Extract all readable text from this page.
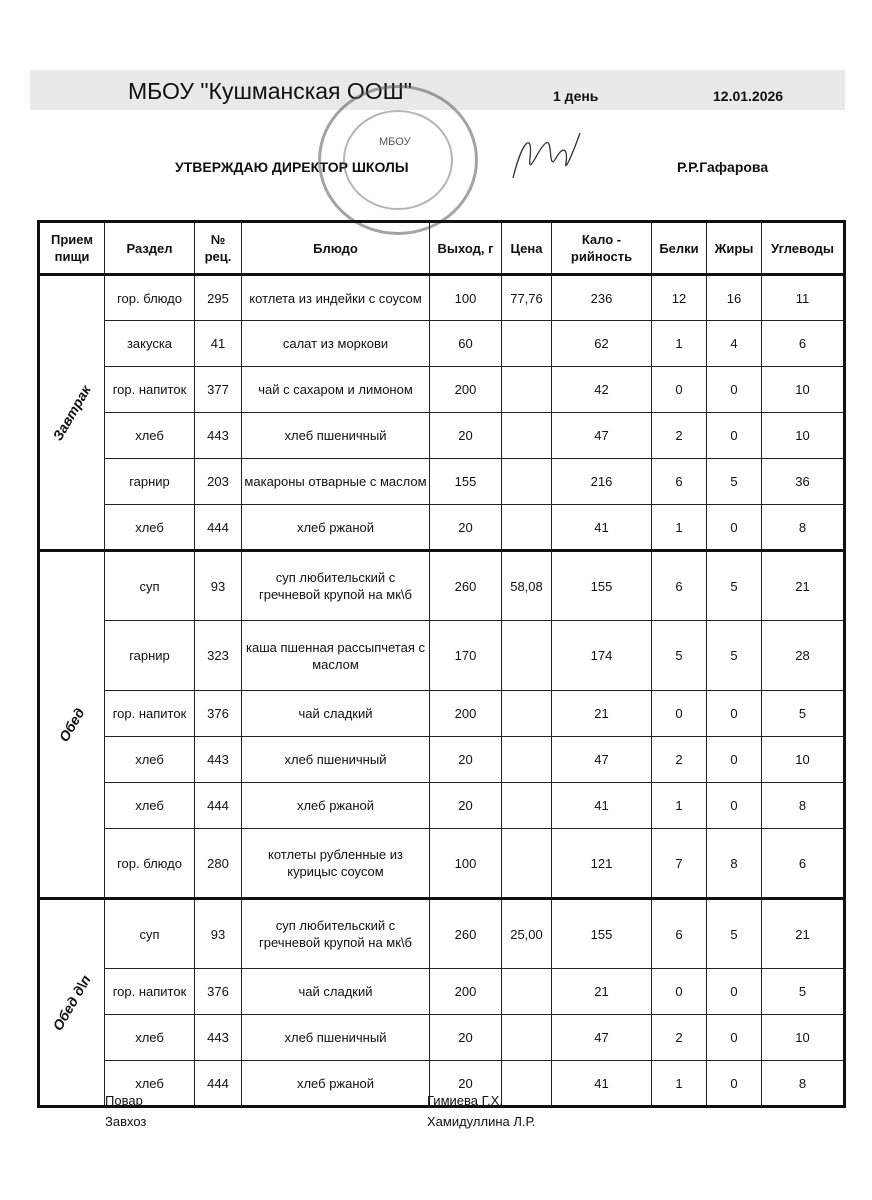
МБОУ "Кушманская ООШ"	1 день	12.01.2026
УТВЕРЖДАЮ ДИРЕКТОР ШКОЛЫ	Р.Р.Гафарова
МБОУ
Прием пищи	Раздел	№ рец.	Блюдо	Выход, г	Цена	Кало - рийность	Белки	Жиры	Углеводы

Завтрак	гор. блюдо	295	котлета из индейки с соусом	100	77,76	236	12	16	11
	закуска	41	салат из моркови	60		62	1	4	6
	гор. напиток	377	чай с сахаром и лимоном	200		42	0	0	10
	хлеб	443	хлеб пшеничный	20		47	2	0	10
	гарнир	203	макароны отварные с маслом	155		216	6	5	36
	хлеб	444	хлеб ржаной	20		41	1	0	8

Обед	суп	93	суп любительский с гречневой крупой на мк\б	260	58,08	155	6	5	21
	гарнир	323	каша пшенная рассыпчетая с маслом	170		174	5	5	28
	гор. напиток	376	чай сладкий	200		21	0	0	5
	хлеб	443	хлеб пшеничный	20		47	2	0	10
	хлеб	444	хлеб ржаной	20		41	1	0	8
	гор. блюдо	280	котлеты рубленные из курицыс соусом	100		121	7	8	6

Обед д\п	суп	93	суп любительский с гречневой крупой на мк\б	260	25,00	155	6	5	21
	гор. напиток	376	чай сладкий	200		21	0	0	5
	хлеб	443	хлеб пшеничный	20		47	2	0	10
	хлеб	444	хлеб ржаной	20		41	1	0	8
Повар	Гимиева Г.Х.
Завхоз	Хамидуллина Л.Р.
